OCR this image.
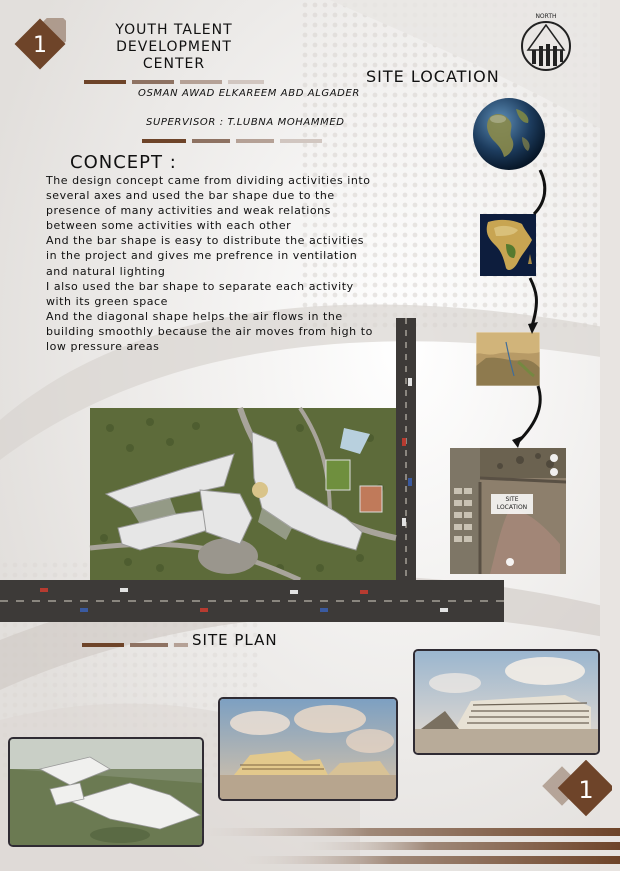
1
YOUTH TALENT
DEVELOPMENT
CENTER
OSMAN AWAD ELKAREEM ABD ALGADER
SUPERVISOR : T.LUBNA MOHAMMED
NORTH
SITE LOCATION
SITE
LOCATION
CONCEPT :

The design concept came from dividing activities into

several axes and used the bar shape due to the

presence of many activities and weak relations

between some activities with each other

And the bar shape is easy to distribute the activities

in the project and gives me prefrence in ventilation

and natural lighting

I also used the bar shape to separate each activity

with its green space

And the diagonal shape helps the air flows in the

building smoothly because the air moves from high to

low pressure areas

SITE PLAN
1
